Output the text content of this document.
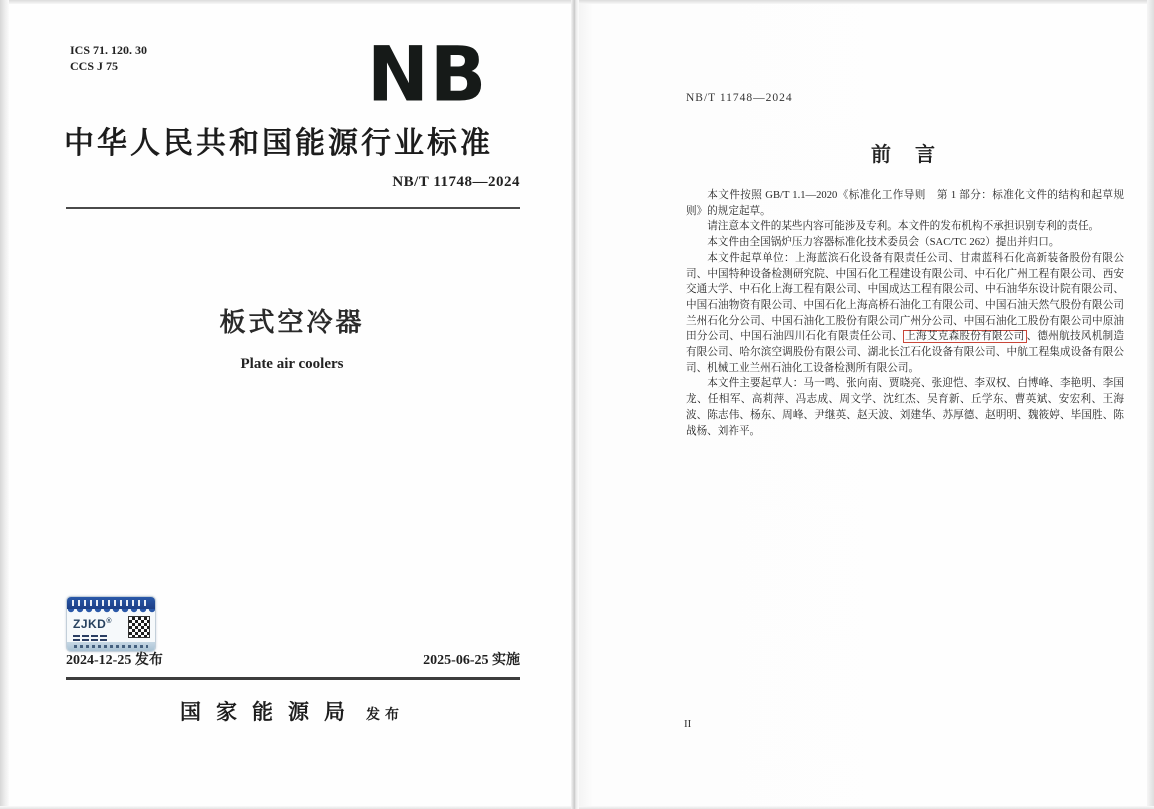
ICS 71. 120. 30
CCS J 75	NB
中华人民共和国能源行业标准
NB/T 11748—2024
板式空冷器
Plate air coolers
ZJKD®
2024-12-25 发布	2025-06-25 实施
国家能源局 发布
NB/T 11748—2024
前　言

本文件按照 GB/T 1.1—2020《标准化工作导则　第 1 部分：标准化文件的结构和起草规则》的规定起草。

请注意本文件的某些内容可能涉及专利。本文件的发布机构不承担识别专利的责任。

本文件由全国锅炉压力容器标准化技术委员会（SAC/TC 262）提出并归口。

本文件起草单位：上海蓝滨石化设备有限责任公司、甘肃蓝科石化高新装备股份有限公司、中国特种设备检测研究院、中国石化工程建设有限公司、中石化广州工程有限公司、西安交通大学、中石化上海工程有限公司、中国成达工程有限公司、中石油华东设计院有限公司、中国石油物资有限公司、中国石化上海高桥石油化工有限公司、中国石油天然气股份有限公司兰州石化分公司、中国石油化工股份有限公司广州分公司、中国石油化工股份有限公司中原油田分公司、中国石油四川石化有限责任公司、 上海艾克森股份有限公司 、德州航技风机制造有限公司、哈尔滨空调股份有限公司、湖北长江石化设备有限公司、中航工程集成设备有限公司、机械工业兰州石油化工设备检测所有限公司。

本文件主要起草人：马一鸣、张向南、贾晓亮、张迎恺、李双权、白博峰、李艳明、李国龙、任相军、高莉萍、冯志成、周文学、沈红杰、吴育新、丘学东、曹英斌、安宏利、王海波、陈志伟、杨东、周峰、尹继英、赵天波、刘建华、苏厚德、赵明明、魏筱婷、毕国胜、陈战杨、刘祚平。

II
